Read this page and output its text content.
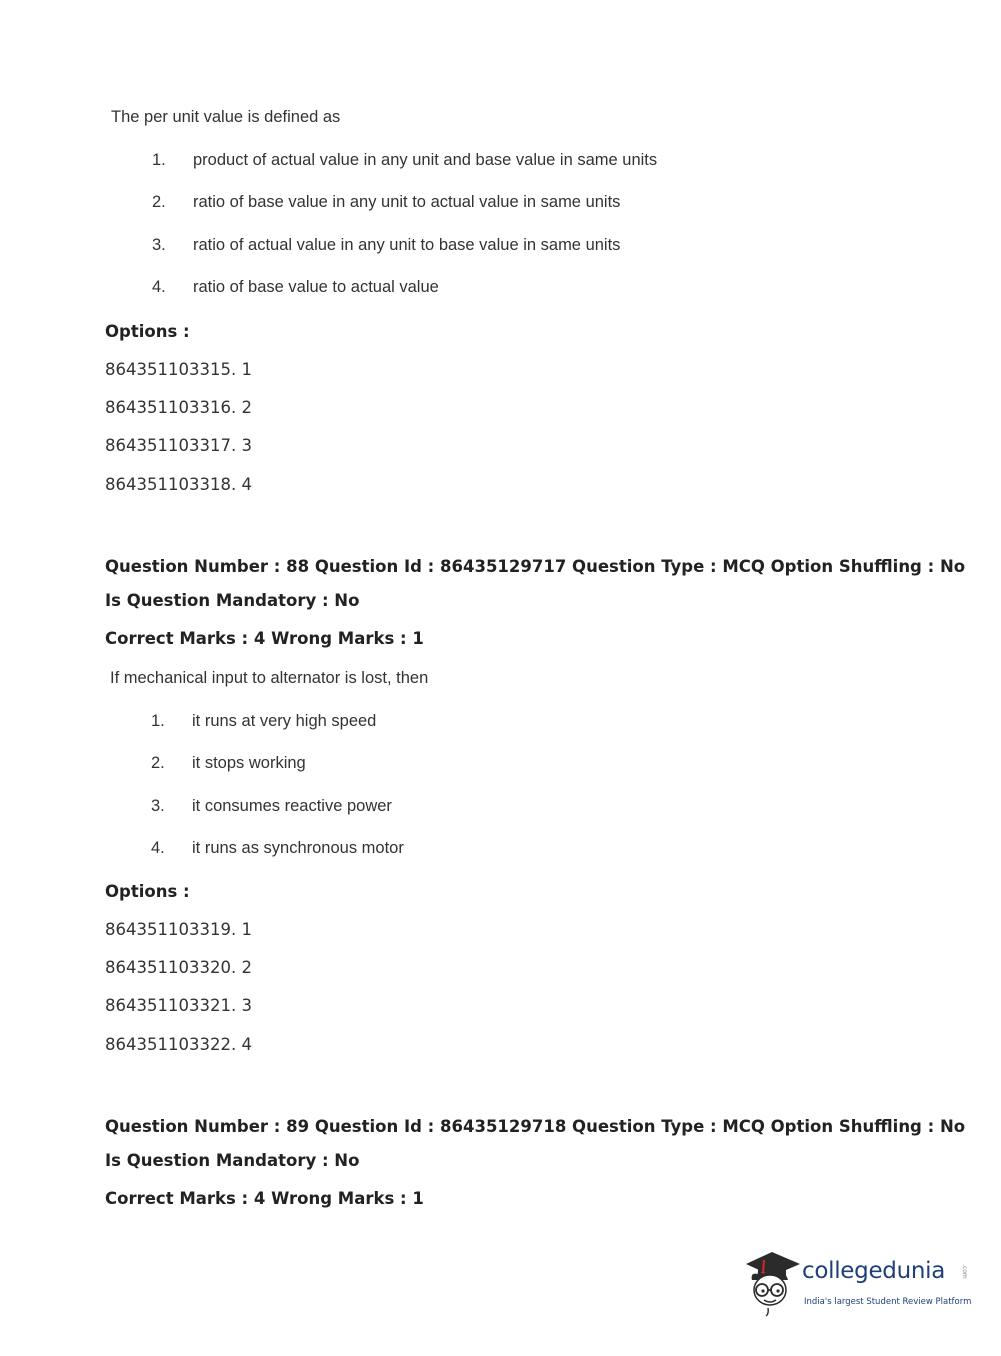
The per unit value is defined as
1. product of actual value in any unit and base value in same units
2. ratio of base value in any unit to actual value in same units
3. ratio of actual value in any unit to base value in same units
4. ratio of base value to actual value
Options :
864351103315. 1
864351103316. 2
864351103317. 3
864351103318. 4
Question Number : 88 Question Id : 86435129717 Question Type : MCQ Option Shuffling : No
Is Question Mandatory : No
Correct Marks : 4 Wrong Marks : 1
If mechanical input to alternator is lost, then
1. it runs at very high speed
2. it stops working
3. it consumes reactive power
4. it runs as synchronous motor
Options :
864351103319. 1
864351103320. 2
864351103321. 3
864351103322. 4
Question Number : 89 Question Id : 86435129718 Question Type : MCQ Option Shuffling : No
Is Question Mandatory : No
Correct Marks : 4 Wrong Marks : 1
collegedunia	.com
India's largest Student Review Platform
